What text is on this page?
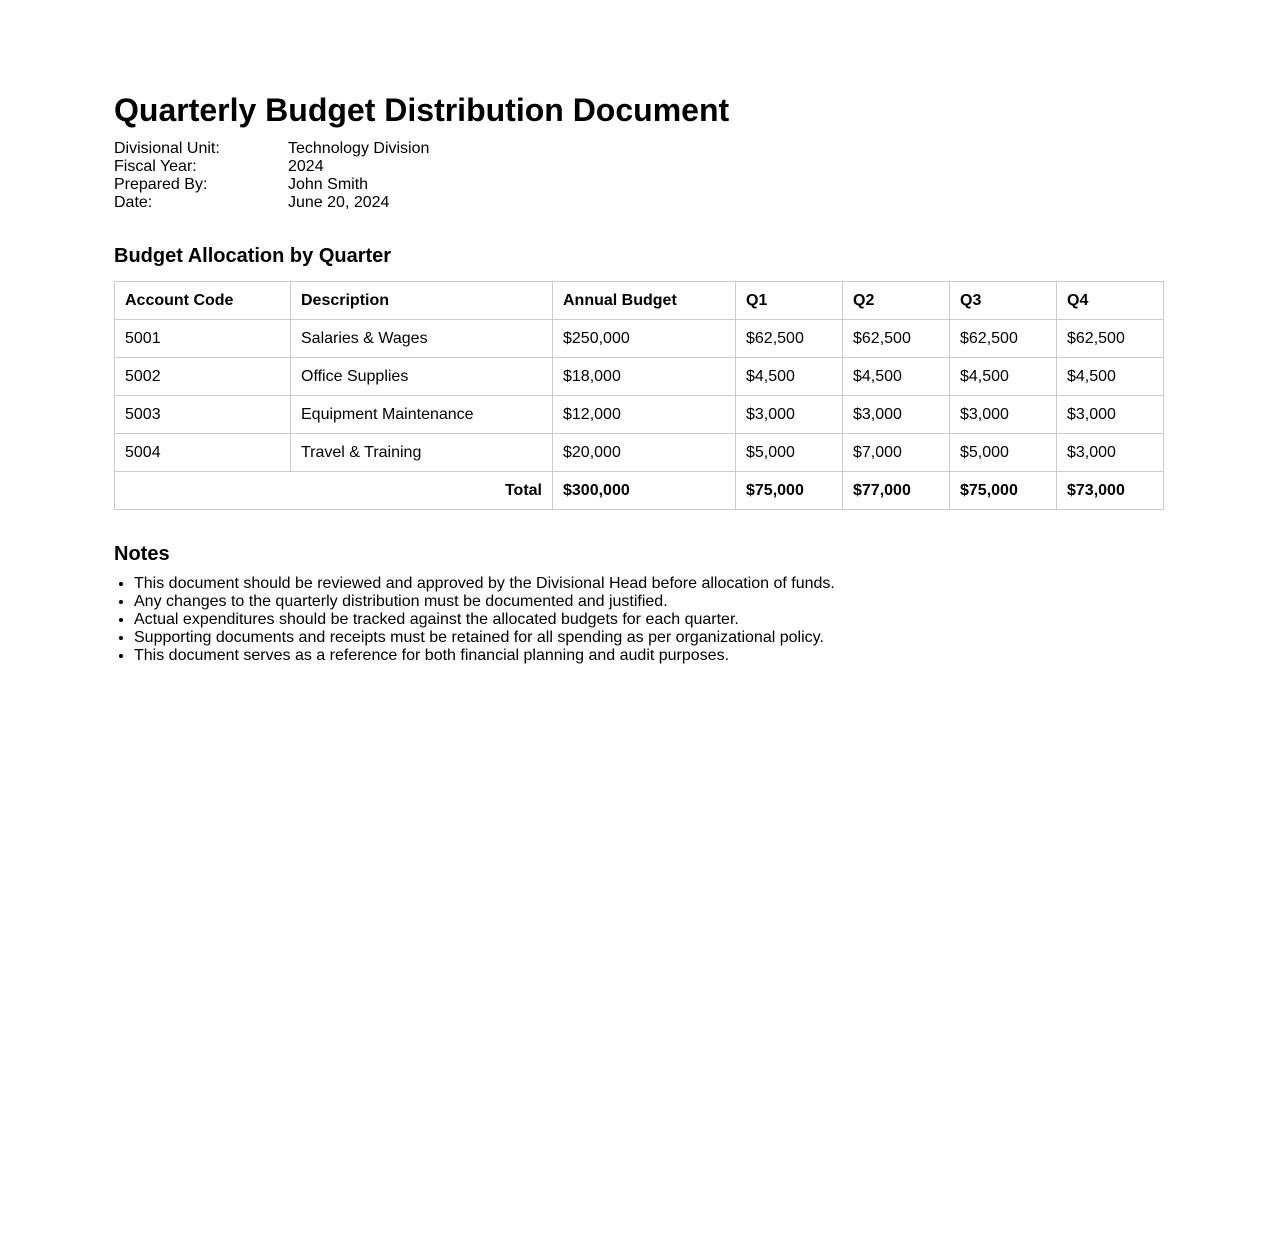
Quarterly Budget Distribution Document
Divisional Unit:	Technology Division
Fiscal Year:	2024
Prepared By:	John Smith
Date:	June 20, 2024
Budget Allocation by Quarter
Account Code	Description	Annual Budget	Q1	Q2	Q3	Q4
5001	Salaries & Wages	$250,000	$62,500	$62,500	$62,500	$62,500
5002	Office Supplies	$18,000	$4,500	$4,500	$4,500	$4,500
5003	Equipment Maintenance	$12,000	$3,000	$3,000	$3,000	$3,000
5004	Travel & Training	$20,000	$5,000	$7,000	$5,000	$3,000
Total		$300,000	$75,000	$77,000	$75,000	$73,000
Notes
• This document should be reviewed and approved by the Divisional Head before allocation of funds.
• Any changes to the quarterly distribution must be documented and justified.
• Actual expenditures should be tracked against the allocated budgets for each quarter.
• Supporting documents and receipts must be retained for all spending as per organizational policy.
• This document serves as a reference for both financial planning and audit purposes.
